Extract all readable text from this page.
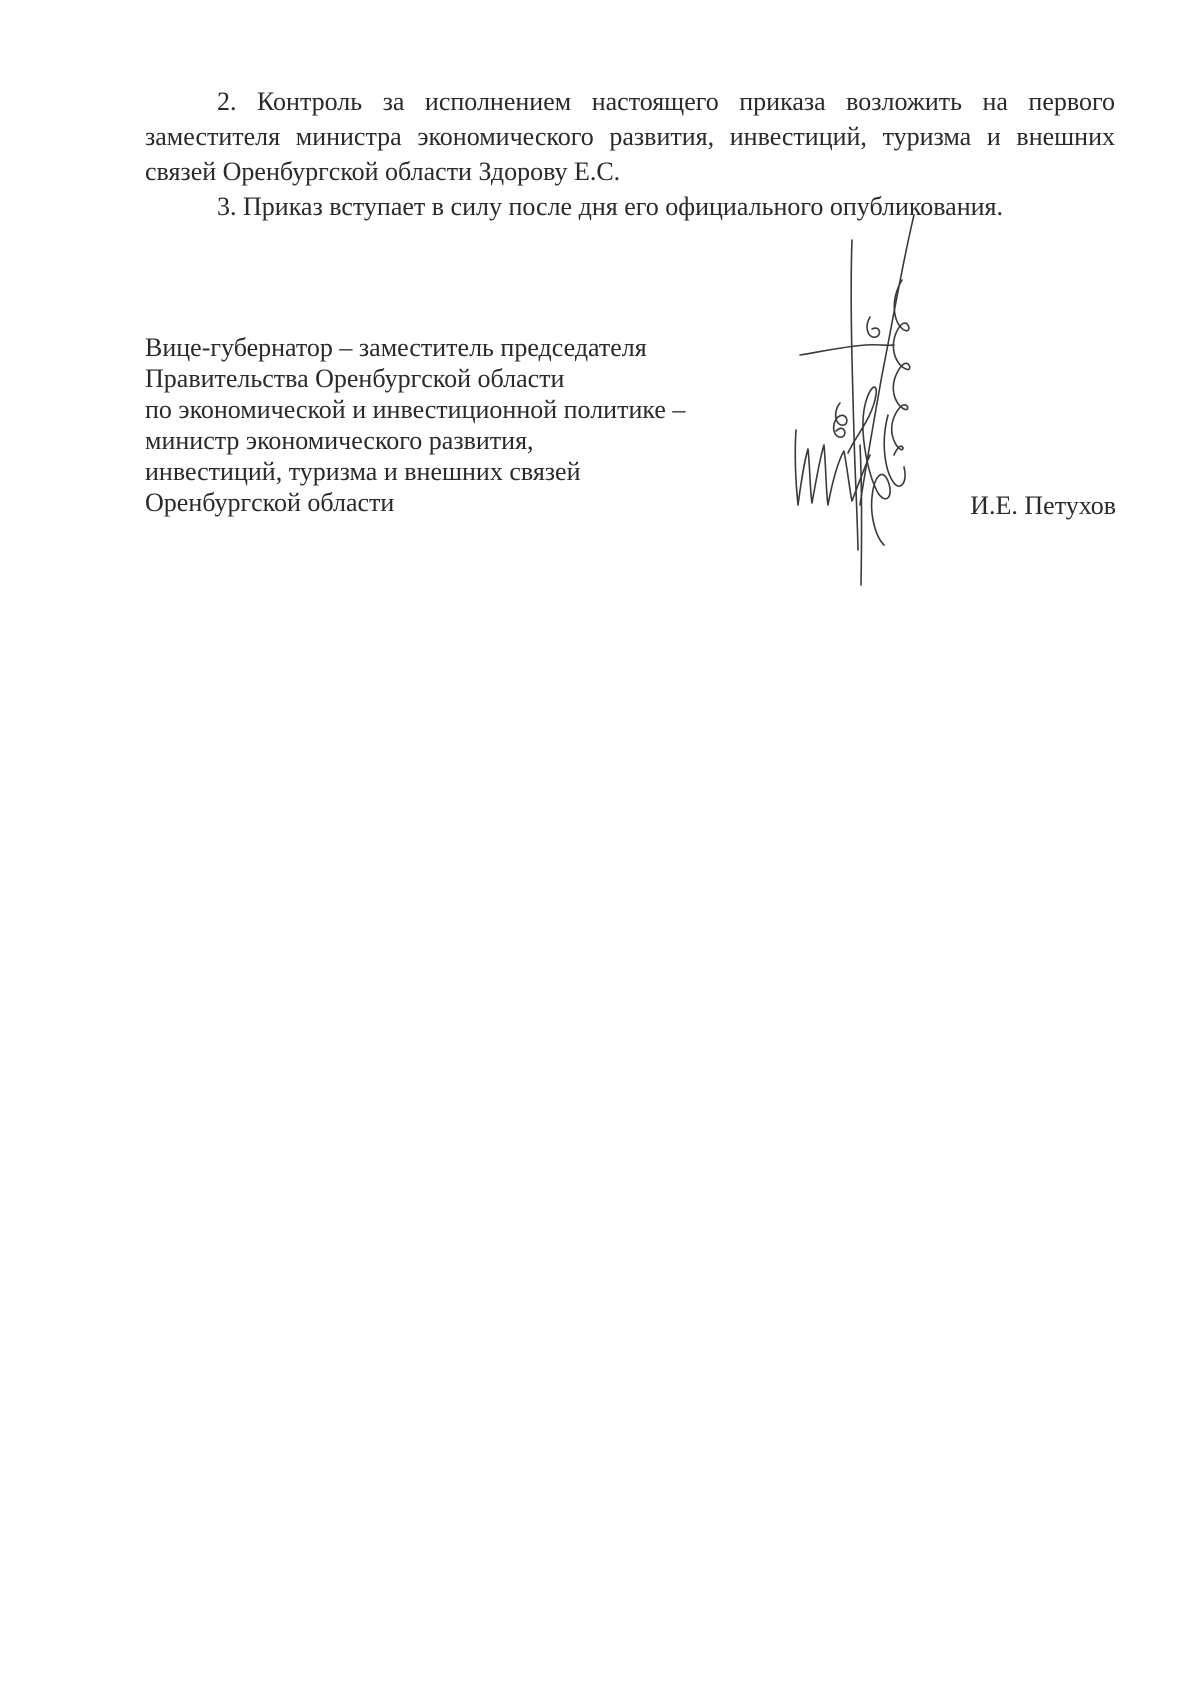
2. Контроль за исполнением настоящего приказа возложить на первого заместителя министра экономического развития, инвестиций, туризма и внешних связей Оренбургской области Здорову Е.С.

3. Приказ вступает в силу после дня его официального опубликования.

Вице-губернатор – заместитель председателя
Правительства Оренбургской области
по экономической и инвестиционной политике –
министр экономического развития,
инвестиций, туризма и внешних связей
Оренбургской области	И.Е. Петухов
